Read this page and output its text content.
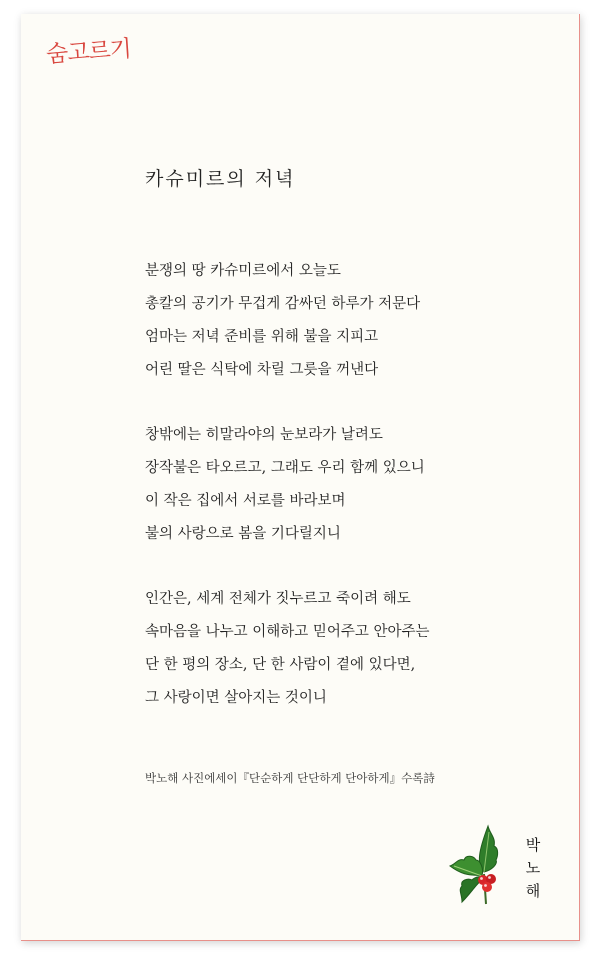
숨고르기
카슈미르의 저녁
분쟁의 땅 카슈미르에서 오늘도
총칼의 공기가 무겁게 감싸던 하루가 저문다
엄마는 저녁 준비를 위해 불을 지피고
어린 딸은 식탁에 차릴 그릇을 꺼낸다
창밖에는 히말라야의 눈보라가 날려도
장작불은 타오르고, 그래도 우리 함께 있으니
이 작은 집에서 서로를 바라보며
불의 사랑으로 봄을 기다릴지니
인간은, 세계 전체가 짓누르고 죽이려 해도
속마음을 나누고 이해하고 믿어주고 안아주는
단 한 평의 장소, 단 한 사람이 곁에 있다면,
그 사랑이면 살아지는 것이니
박노해 사진에세이『단순하게 단단하게 단아하게』수록詩
박
노
해
